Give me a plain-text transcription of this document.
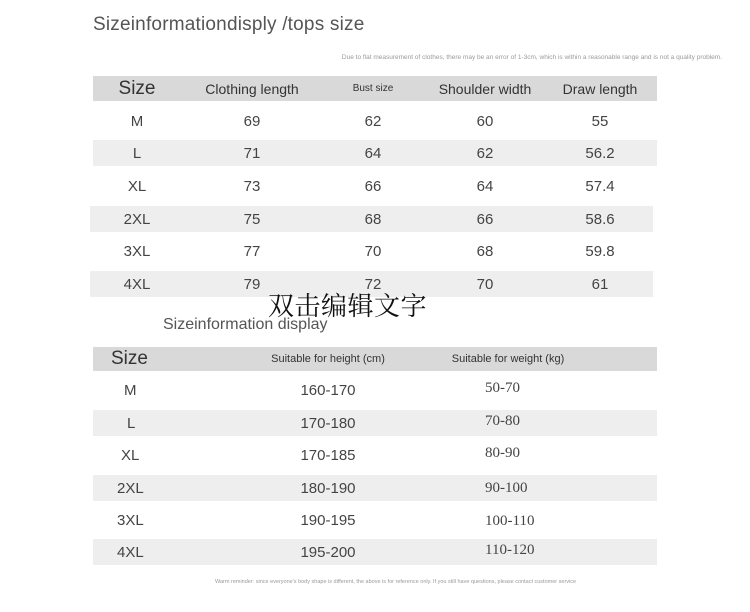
Sizeinformationdisply /tops size
Due to flat measurement of clothes, there may be an error of 1-3cm, which is within a reasonable range and is not a quality problem.
Size	Clothing length	Bust size	Shoulder width	Draw length
M	69	62	60	55
L	71	64	62	56.2
XL	73	66	64	57.4
2XL	75	68	66	58.6
3XL	77	70	68	59.8
4XL	79	72	70	61
双击编辑文字
Sizeinformation display
Size	Suitable for height (cm)	Suitable for weight (kg)
M	160-170	50-70
L	170-180	70-80
XL	170-185	80-90
2XL	180-190	90-100
3XL	190-195	100-110
4XL	195-200	110-120
Warm reminder: since everyone's body shape is different, the above is for reference only. If you still have questions, please contact customer service
